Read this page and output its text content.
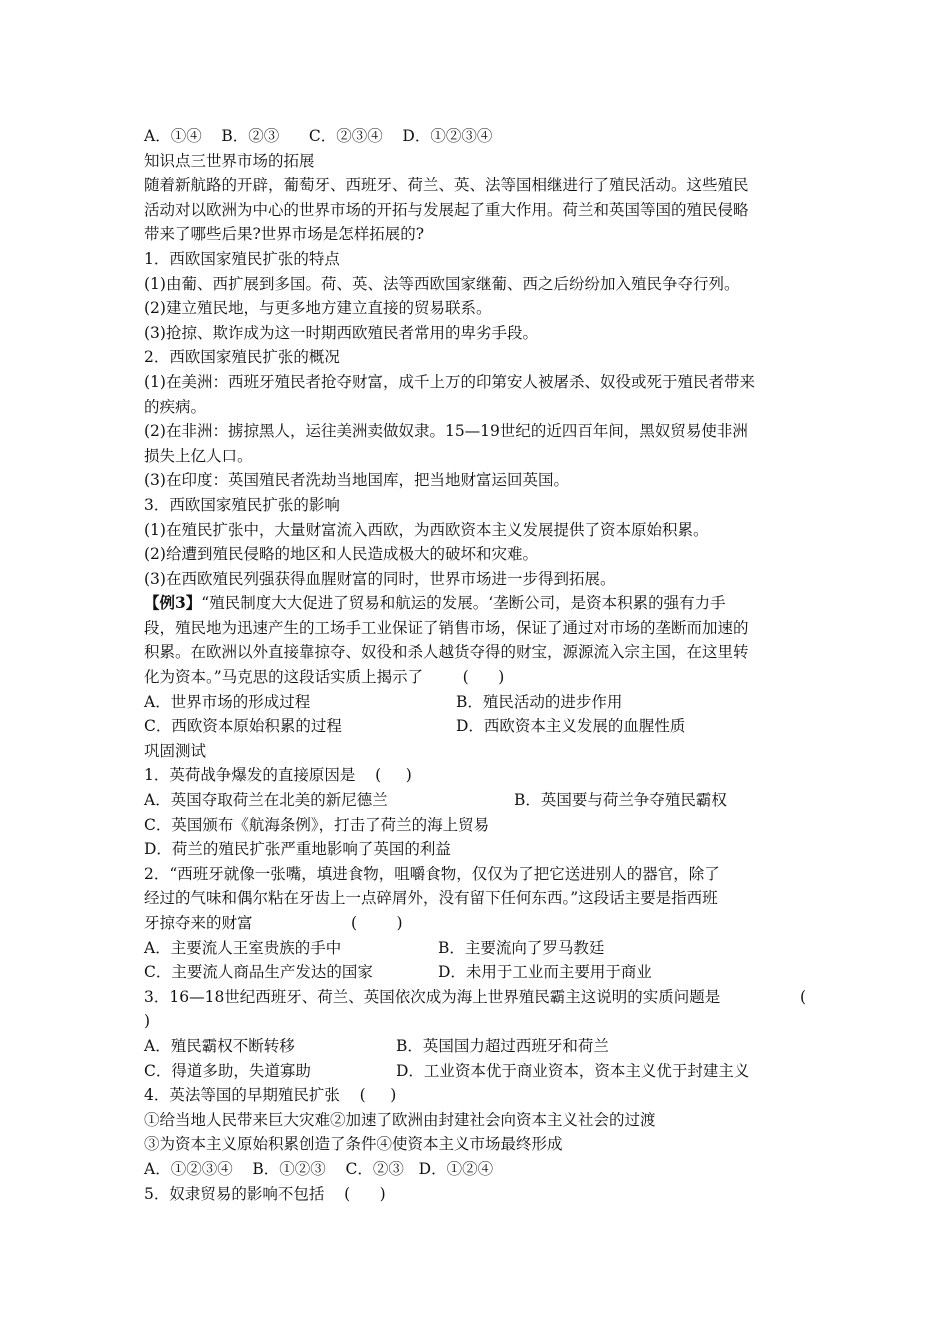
A．①④    B．②③      C．②③④    D．①②③④
知识点三世界市场的拓展
随着新航路的开辟，葡萄牙、西班牙、荷兰、英、法等国相继进行了殖民活动。这些殖民
活动对以欧洲为中心的世界市场的开拓与发展起了重大作用。荷兰和英国等国的殖民侵略
带来了哪些后果?世界市场是怎样拓展的?
1．西欧国家殖民扩张的特点
(1)由葡、西扩展到多国。荷、英、法等西欧国家继葡、西之后纷纷加入殖民争夺行列。
(2)建立殖民地，与更多地方建立直接的贸易联系。
(3)抢掠、欺诈成为这一时期西欧殖民者常用的卑劣手段。
2．西欧国家殖民扩张的概况
(1)在美洲：西班牙殖民者抢夺财富，成千上万的印第安人被屠杀、奴役或死于殖民者带来
的疾病。
(2)在非洲：掳掠黑人，运往美洲卖做奴隶。15—19世纪的近四百年间，黑奴贸易使非洲
损失上亿人口。
(3)在印度：英国殖民者洗劫当地国库，把当地财富运回英国。
3．西欧国家殖民扩张的影响
(1)在殖民扩张中，大量财富流入西欧，为西欧资本主义发展提供了资本原始积累。
(2)给遭到殖民侵略的地区和人民造成极大的破坏和灾难。
(3)在西欧殖民列强获得血腥财富的同时，世界市场进一步得到拓展。
【例3】“殖民制度大大促进了贸易和航运的发展。‘垄断公司，是资本积累的强有力手
段，殖民地为迅速产生的工场手工业保证了销售市场，保证了通过对市场的垄断而加速的
积累。在欧洲以外直接靠掠夺、奴役和杀人越货夺得的财宝，源源流入宗主国，在这里转
化为资本。”马克思的这段话实质上揭示了        (      )

A．世界市场的形成过程

	B．殖民活动的进步作用

C．西欧资本原始积累的过程

	D．西欧资本主义发展的血腥性质

巩固测试
1．英荷战争爆发的直接原因是    (     )

A．英国夺取荷兰在北美的新尼德兰

	B．英国要与荷兰争夺殖民霸权

C．英国颁布《航海条例》，打击了荷兰的海上贸易
D．荷兰的殖民扩张严重地影响了英国的利益
2．“西班牙就像一张嘴，填进食物，咀嚼食物，仅仅为了把它送进别人的器官，除了
经过的气味和偶尔粘在牙齿上一点碎屑外，没有留下任何东西。”这段话主要是指西班
牙掠夺来的财富                    (        )

A．主要流人王室贵族的手中

	B．主要流向了罗马教廷

C．主要流人商品生产发达的国家

	D．未用于工业而主要用于商业

3．16—18世纪西班牙、荷兰、英国依次成为海上世界殖民霸主这说明的实质问题是

	(

)

A．殖民霸权不断转移

	B．英国国力超过西班牙和荷兰

C．得道多助，失道寡助

	D．工业资本优于商业资本，资本主义优于封建主义

4．英法等国的早期殖民扩张    (     )
①给当地人民带来巨大灾难②加速了欧洲由封建社会向资本主义社会的过渡
③为资本主义原始积累创造了条件④使资本主义市场最终形成
A．①②③④    B．①②③    C．②③   D．①②④
5．奴隶贸易的影响不包括    (      )
